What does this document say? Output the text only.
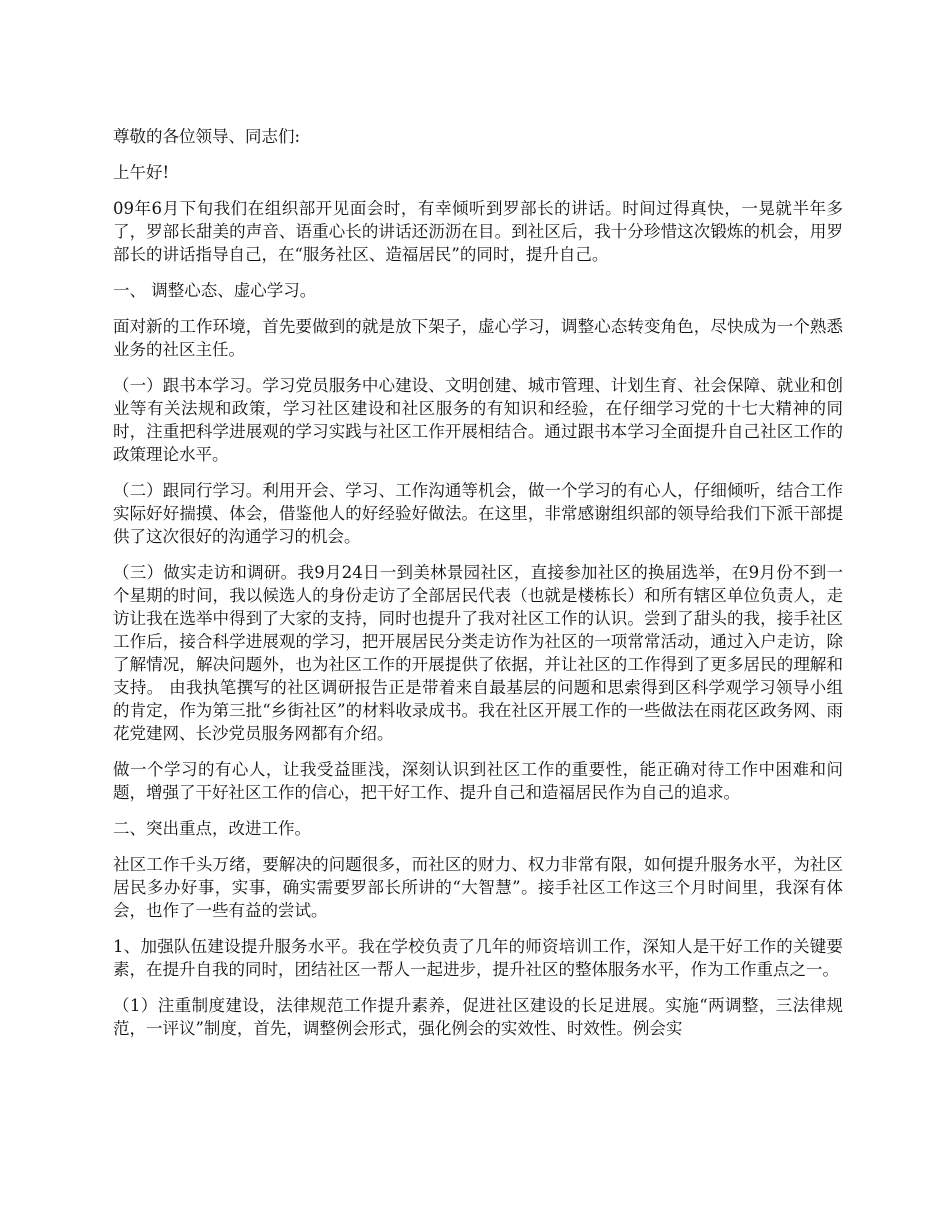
尊敬的各位领导、同志们:

上午好!

09年6月下旬我们在组织部开见面会时，有幸倾听到罗部长的讲话。时间过得真快，一晃就半年多了，罗部长甜美的声音、语重心长的讲话还沥沥在目。到社区后，我十分珍惜这次锻炼的机会，用罗部长的讲话指导自己，在“服务社区、造福居民”的同时，提升自己。

一、 调整心态、虚心学习。

面对新的工作环境，首先要做到的就是放下架子，虚心学习，调整心态转变角色，尽快成为一个熟悉业务的社区主任。

（一）跟书本学习。学习党员服务中心建设、文明创建、城市管理、计划生育、社会保障、就业和创业等有关法规和政策，学习社区建设和社区服务的有知识和经验，在仔细学习党的十七大精神的同时，注重把科学进展观的学习实践与社区工作开展相结合。通过跟书本学习全面提升自己社区工作的政策理论水平。

（二）跟同行学习。利用开会、学习、工作沟通等机会，做一个学习的有心人，仔细倾听，结合工作实际好好揣摸、体会，借鉴他人的好经验好做法。在这里，非常感谢组织部的领导给我们下派干部提供了这次很好的沟通学习的机会。

（三）做实走访和调研。我9月24日一到美林景园社区，直接参加社区的换届选举，在9月份不到一个星期的时间，我以候选人的身份走访了全部居民代表（也就是楼栋长）和所有辖区单位负责人，走访让我在选举中得到了大家的支持，同时也提升了我对社区工作的认识。尝到了甜头的我，接手社区工作后，接合科学进展观的学习，把开展居民分类走访作为社区的一项常常活动，通过入户走访，除了解情况，解决问题外，也为社区工作的开展提供了依据，并让社区的工作得到了更多居民的理解和支持。 由我执笔撰写的社区调研报告正是带着来自最基层的问题和思索得到区科学观学习领导小组的肯定，作为第三批“乡街社区”的材料收录成书。我在社区开展工作的一些做法在雨花区政务网、雨花党建网、长沙党员服务网都有介绍。

做一个学习的有心人，让我受益匪浅，深刻认识到社区工作的重要性，能正确对待工作中困难和问题，增强了干好社区工作的信心，把干好工作、提升自己和造福居民作为自己的追求。

二、突出重点，改进工作。

社区工作千头万绪，要解决的问题很多，而社区的财力、权力非常有限，如何提升服务水平，为社区居民多办好事，实事，确实需要罗部长所讲的“大智慧”。接手社区工作这三个月时间里，我深有体会，也作了一些有益的尝试。

1、加强队伍建设提升服务水平。我在学校负责了几年的师资培训工作，深知人是干好工作的关键要素，在提升自我的同时，团结社区一帮人一起进步，提升社区的整体服务水平，作为工作重点之一。

（1）注重制度建设，法律规范工作提升素养，促进社区建设的长足进展。实施“两调整，三法律规范，一评议”制度，首先，调整例会形式，强化例会的实效性、时效性。例会实
